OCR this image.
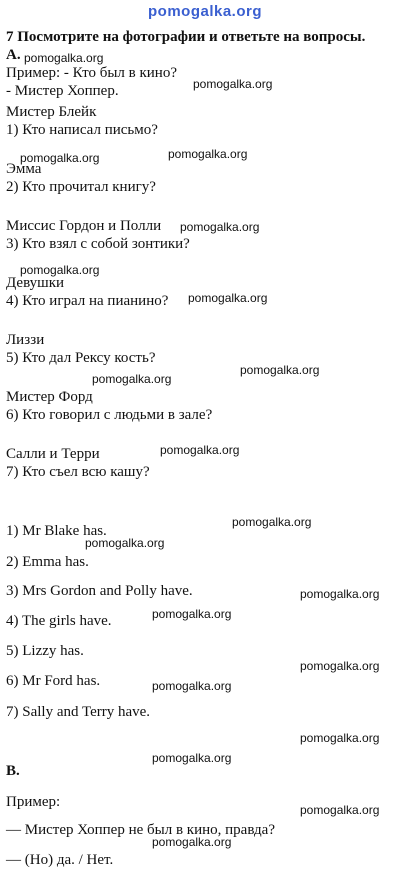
pomogalka.org
7 Посмотрите на фотографии и ответьте на вопросы.
A.
Пример: - Кто был в кино?
- Мистер Хоппер.
Мистер Блейк
1) Кто написал письмо?
Эмма
2) Кто прочитал книгу?
Миссис Гордон и Полли
3) Кто взял с собой зонтики?
Девушки
4) Кто играл на пианино?
Лиззи
5) Кто дал Рексу кость?
Мистер Форд
6) Кто говорил с людьми в зале?
Салли и Терри
7) Кто съел всю кашу?
1) Mr Blake has.
2) Emma has.
3) Mrs Gordon and Polly have.
4) The girls have.
5) Lizzy has.
6) Mr Ford has.
7) Sally and Terry have.
B.
Пример:
— Мистер Хоппер не был в кино, правда?
— (Но) да. / Нет.
pomogalka.org
pomogalka.org
pomogalka.org
pomogalka.org
pomogalka.org
pomogalka.org
pomogalka.org
pomogalka.org
pomogalka.org
pomogalka.org
pomogalka.org
pomogalka.org
pomogalka.org
pomogalka.org
pomogalka.org
pomogalka.org
pomogalka.org
pomogalka.org
pomogalka.org
pomogalka.org
